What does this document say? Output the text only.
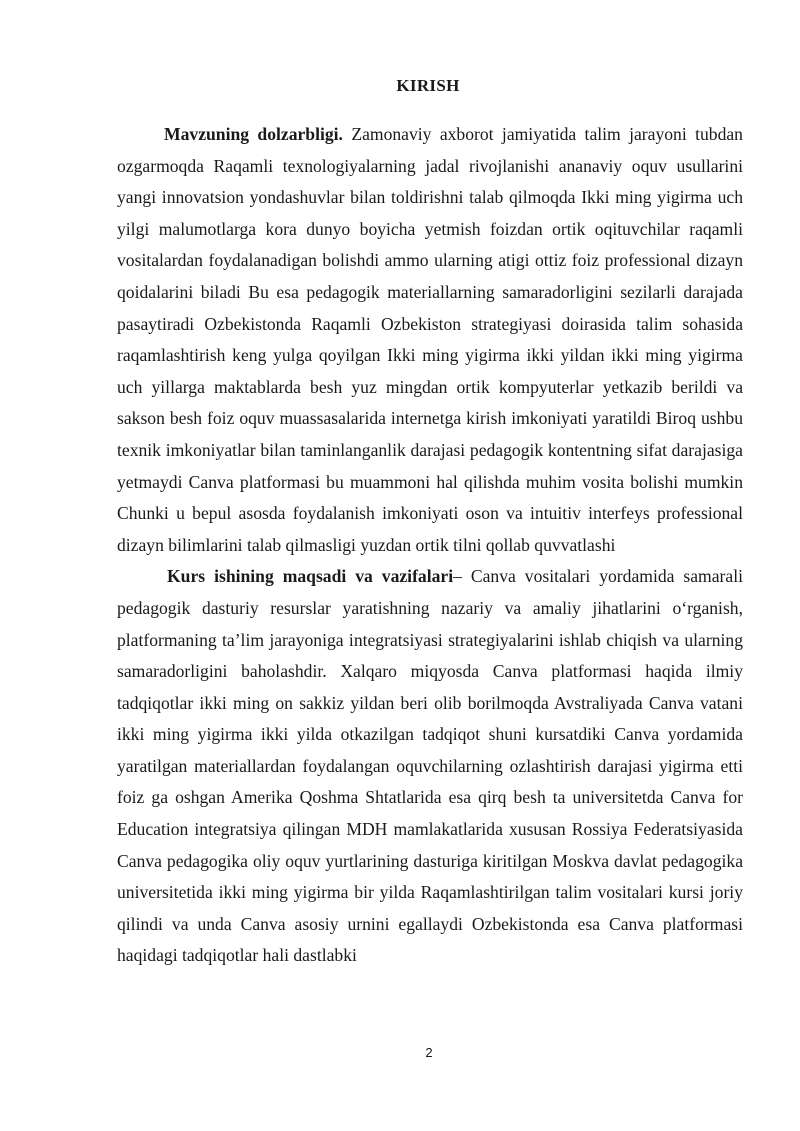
KIRISH

Mavzuning dolzarbligi. Zamonaviy axborot jamiyatida talim jarayoni tubdan ozgarmoqda Raqamli texnologiyalarning jadal rivojlanishi ananaviy oquv usullarini yangi innovatsion yondashuvlar bilan toldirishni talab qilmoqda Ikki ming yigirma uch yilgi malumotlarga kora dunyo boyicha yetmish foizdan ortik oqituvchilar raqamli vositalardan foydalanadigan bolishdi ammo ularning atigi ottiz foiz professional dizayn qoidalarini biladi Bu esa pedagogik materiallarning samaradorligini sezilarli darajada pasaytiradi Ozbekistonda Raqamli Ozbekiston strategiyasi doirasida talim sohasida raqamlashtirish keng yulga qoyilgan Ikki ming yigirma ikki yildan ikki ming yigirma uch yillarga maktablarda besh yuz mingdan ortik kompyuterlar yetkazib berildi va sakson besh foiz oquv muassasalarida internetga kirish imkoniyati yaratildi Biroq ushbu texnik imkoniyatlar bilan taminlanganlik darajasi pedagogik kontentning sifat darajasiga yetmaydi Canva platformasi bu muammoni hal qilishda muhim vosita bolishi mumkin Chunki u bepul asosda foydalanish imkoniyati oson va intuitiv interfeys professional dizayn bilimlarini talab qilmasligi yuzdan ortik tilni qollab quvvatlashi

Kurs ishining maqsadi va vazifalari– Canva vositalari yordamida samarali pedagogik dasturiy resurslar yaratishning nazariy va amaliy jihatlarini o‘rganish, platformaning ta’lim jarayoniga integratsiyasi strategiyalarini ishlab chiqish va ularning samaradorligini baholashdir. Xalqaro miqyosda Canva platformasi haqida ilmiy tadqiqotlar ikki ming on sakkiz yildan beri olib borilmoqda Avstraliyada Canva vatani ikki ming yigirma ikki yilda otkazilgan tadqiqot shuni kursatdiki Canva yordamida yaratilgan materiallardan foydalangan oquvchilarning ozlashtirish darajasi yigirma etti foiz ga oshgan Amerika Qoshma Shtatlarida esa qirq besh ta universitetda Canva for Education integratsiya qilingan MDH mamlakatlarida xususan Rossiya Federatsiyasida Canva pedagogika oliy oquv yurtlarining dasturiga kiritilgan Moskva davlat pedagogika universitetida ikki ming yigirma bir yilda Raqamlashtirilgan talim vositalari kursi joriy qilindi va unda Canva asosiy urnini egallaydi Ozbekistonda esa Canva platformasi haqidagi tadqiqotlar hali dastlabki

2
